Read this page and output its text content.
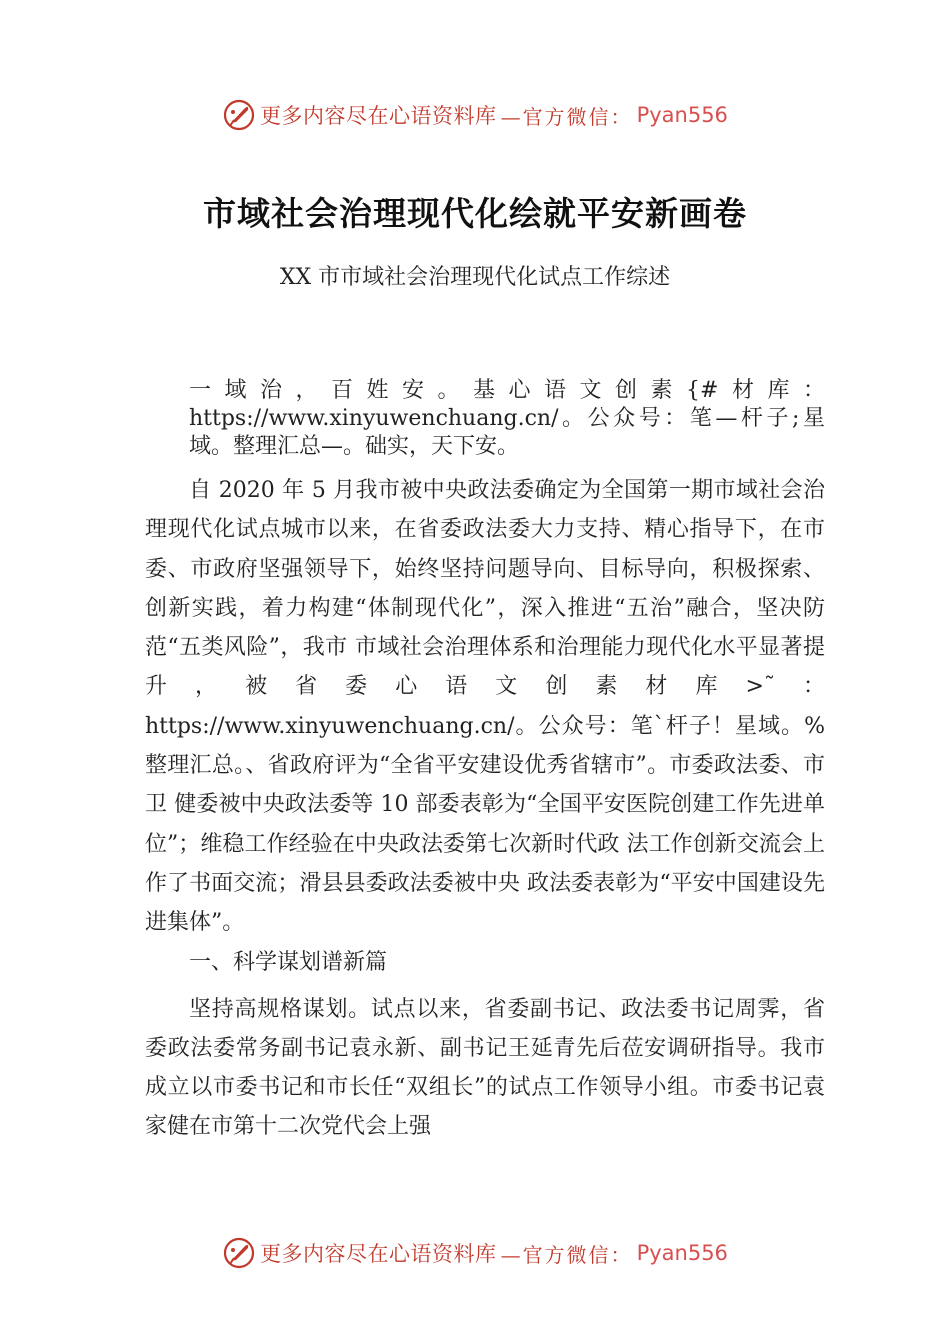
更多内容尽在心语资料库 —官方微信： Pyan556
市域社会治理现代化绘就平安新画卷
XX 市市域社会治理现代化试点工作综述

一域治，百姓安。基心语文创素{#材库：https://www.xinyuwenchuang.cn/。公众号：笔—杆子;星域。整理汇总—。础实，天下安。

自 2020 年 5 月我市被中央政法委确定为全国第一期市域社会治理现代化试点城市以来，在省委政法委大力支持、精心指导下，在市委、市政府坚强领导下，始终坚持问题导向、目标导向，积极探索、创新实践，着力构建“体制现代化”，深入推进“五治”融合，坚决防范“五类风险”，我市 市域社会治理体系和治理能力现代化水平显著提升，被省委心语文创素材库>˜：https://www.xinyuwenchuang.cn/。公众号：笔`杆子！星域。%整理汇总。、省政府评为“全省平安建设优秀省辖市”。市委政法委、市卫 健委被中央政法委等 10 部委表彰为“全国平安医院创建工作先进单位”；维稳工作经验在中央政法委第七次新时代政 法工作创新交流会上作了书面交流；滑县县委政法委被中央 政法委表彰为“平安中国建设先进集体”。

一、科学谋划谱新篇

坚持高规格谋划。试点以来，省委副书记、政法委书记周霁，省委政法委常务副书记袁永新、副书记王延青先后莅安调研指导。我市成立以市委书记和市长任“双组长”的试点工作领导小组。市委书记袁家健在市第十二次党代会上强

更多内容尽在心语资料库 —官方微信： Pyan556
